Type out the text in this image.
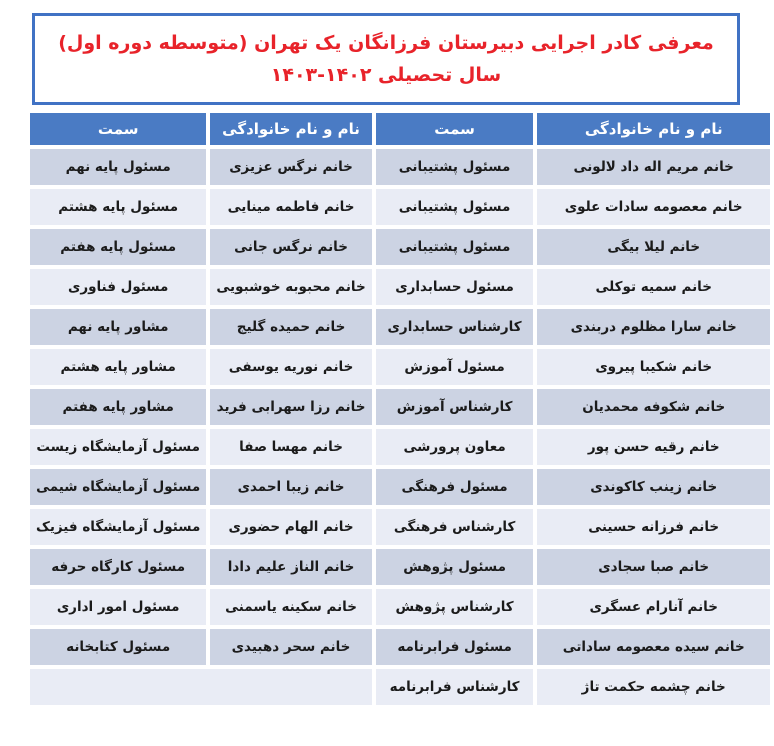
معرفی کادر اجرایی دبیرستان فرزانگان یک تهران (متوسطه دوره اول)
سال تحصیلی ۱۴۰۲-۱۴۰۳
نام و نام خانوادگی	سمت	نام و نام خانوادگی	سمت
خانم مریم اله داد لالونی	مسئول پشتیبانی	خانم نرگس عزیزی	مسئول پایه نهم
خانم معصومه سادات علوی	مسئول پشتیبانی	خانم فاطمه مینایی	مسئول پایه هشتم
خانم لیلا بیگی	مسئول پشتیبانی	خانم نرگس جانی	مسئول پایه هفتم
خانم سمیه توکلی	مسئول حسابداری	خانم محبوبه خوشبویی	مسئول فناوری
خانم سارا مظلوم دربندی	کارشناس حسابداری	خانم حمیده گلیج	مشاور پایه نهم
خانم شکیبا پیروی	مسئول آموزش	خانم نوریه یوسفی	مشاور پایه هشتم
خانم شکوفه محمدیان	کارشناس آموزش	خانم رزا سهرابی فرید	مشاور پایه هفتم
خانم رقیه حسن پور	معاون پرورشی	خانم مهسا صفا	مسئول آزمایشگاه زیست
خانم زینب کاکوندی	مسئول فرهنگی	خانم زیبا احمدی	مسئول آزمایشگاه شیمی
خانم فرزانه حسینی	کارشناس فرهنگی	خانم الهام حضوری	مسئول آزمایشگاه فیزیک
خانم صبا سجادی	مسئول پژوهش	خانم الناز علیم دادا	مسئول کارگاه حرفه
خانم آنارام عسگری	کارشناس پژوهش	خانم سکینه یاسمنی	مسئول امور اداری
خانم سیده معصومه ساداتی	مسئول فرابرنامه	خانم سحر دهبیدی	مسئول کتابخانه
خانم چشمه حکمت تاژ	کارشناس فرابرنامه		
